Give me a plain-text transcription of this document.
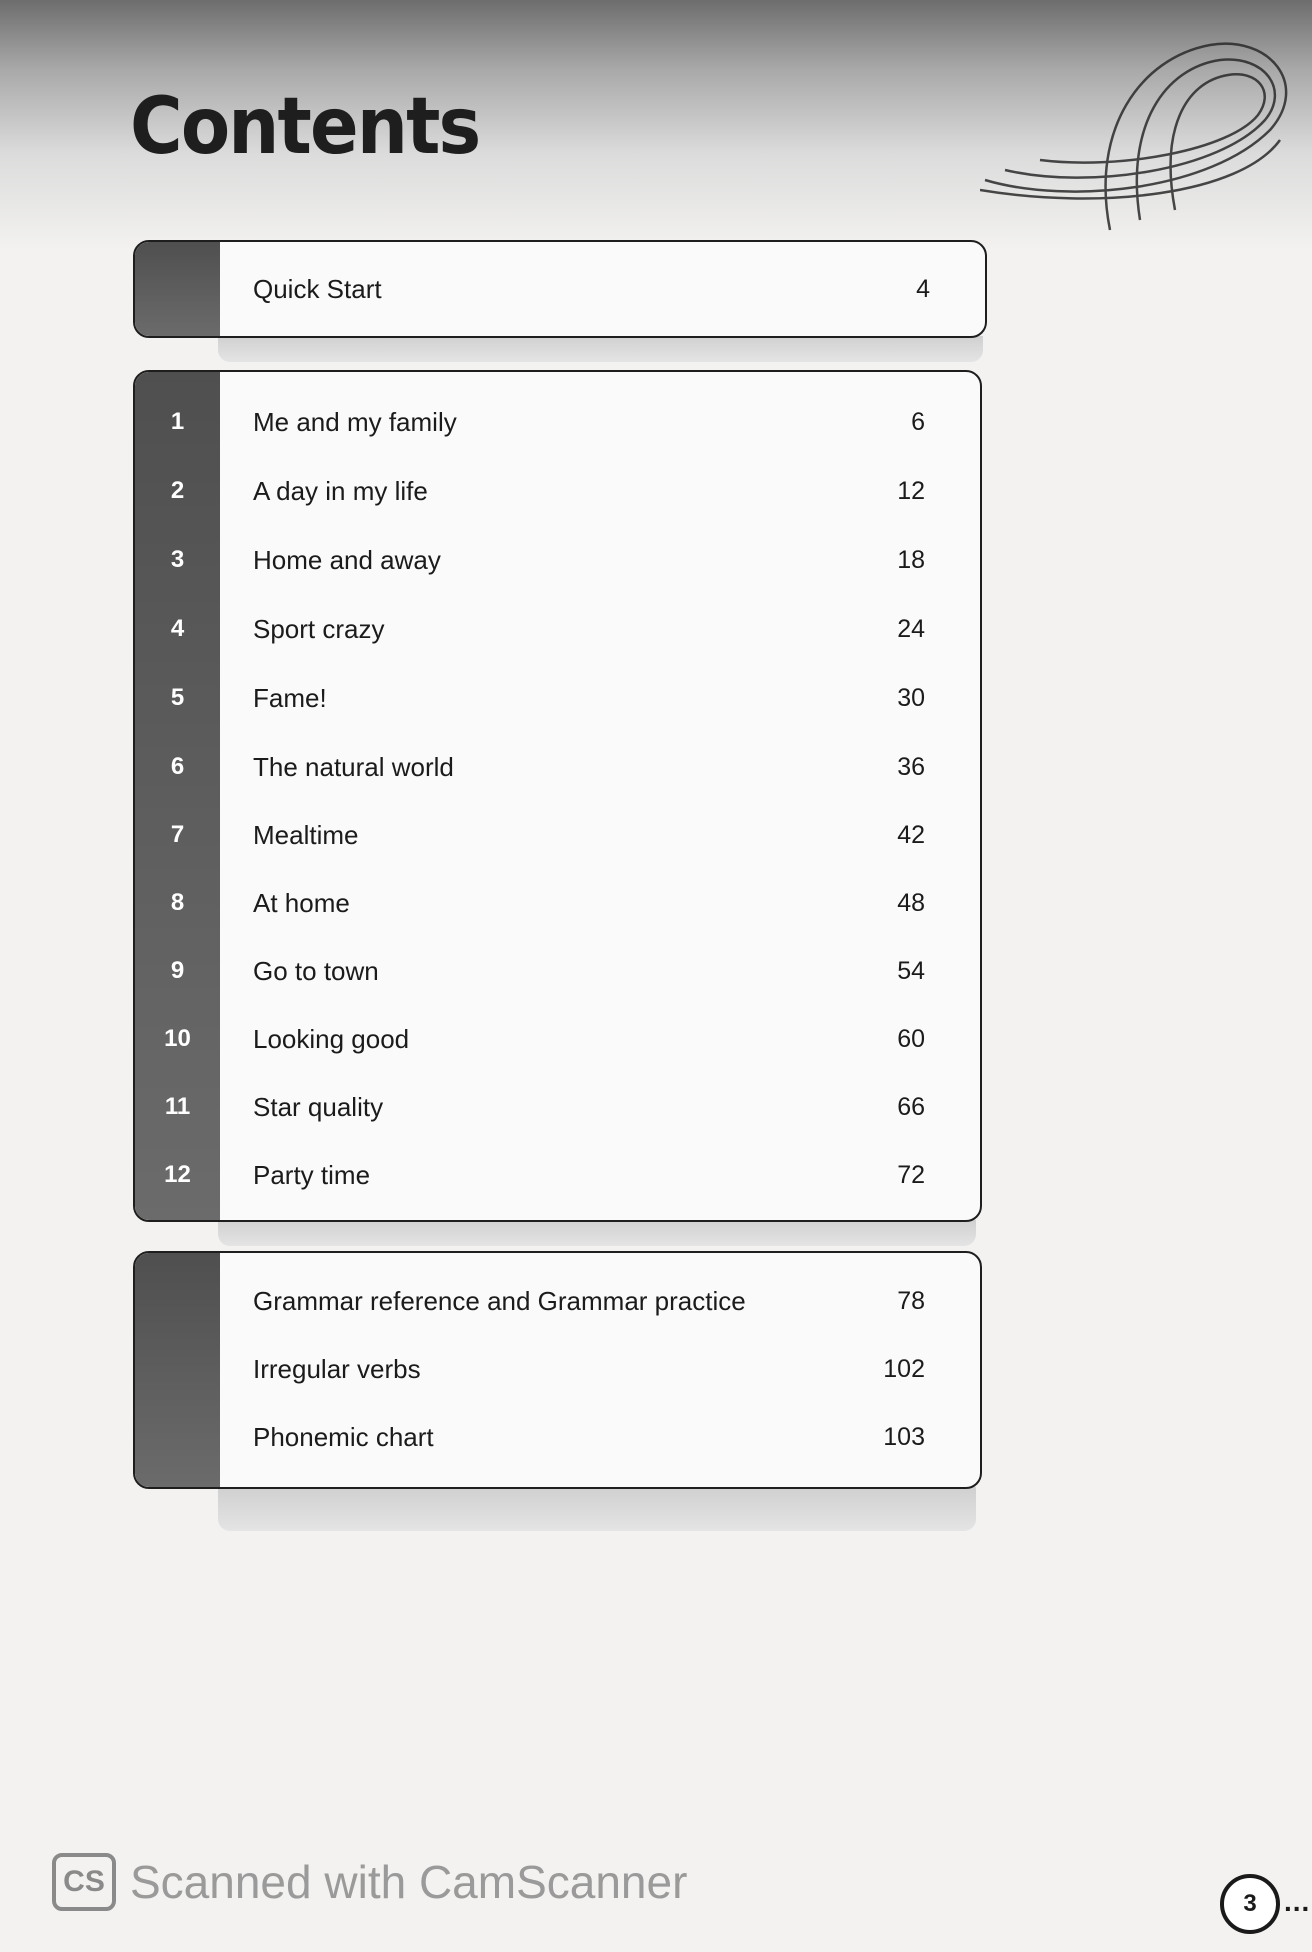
Contents
Quick Start	4
1	Me and my family	6
2	A day in my life	12
3	Home and away	18
4	Sport crazy	24
5	Fame!	30
6	The natural world	36
7	Mealtime	42
8	At home	48
9	Go to town	54
10	Looking good	60
11	Star quality	66
12	Party time	72
Grammar reference and Grammar practice	78
Irregular verbs	102
Phonemic chart	103
CS Scanned with CamScanner	3 ...
